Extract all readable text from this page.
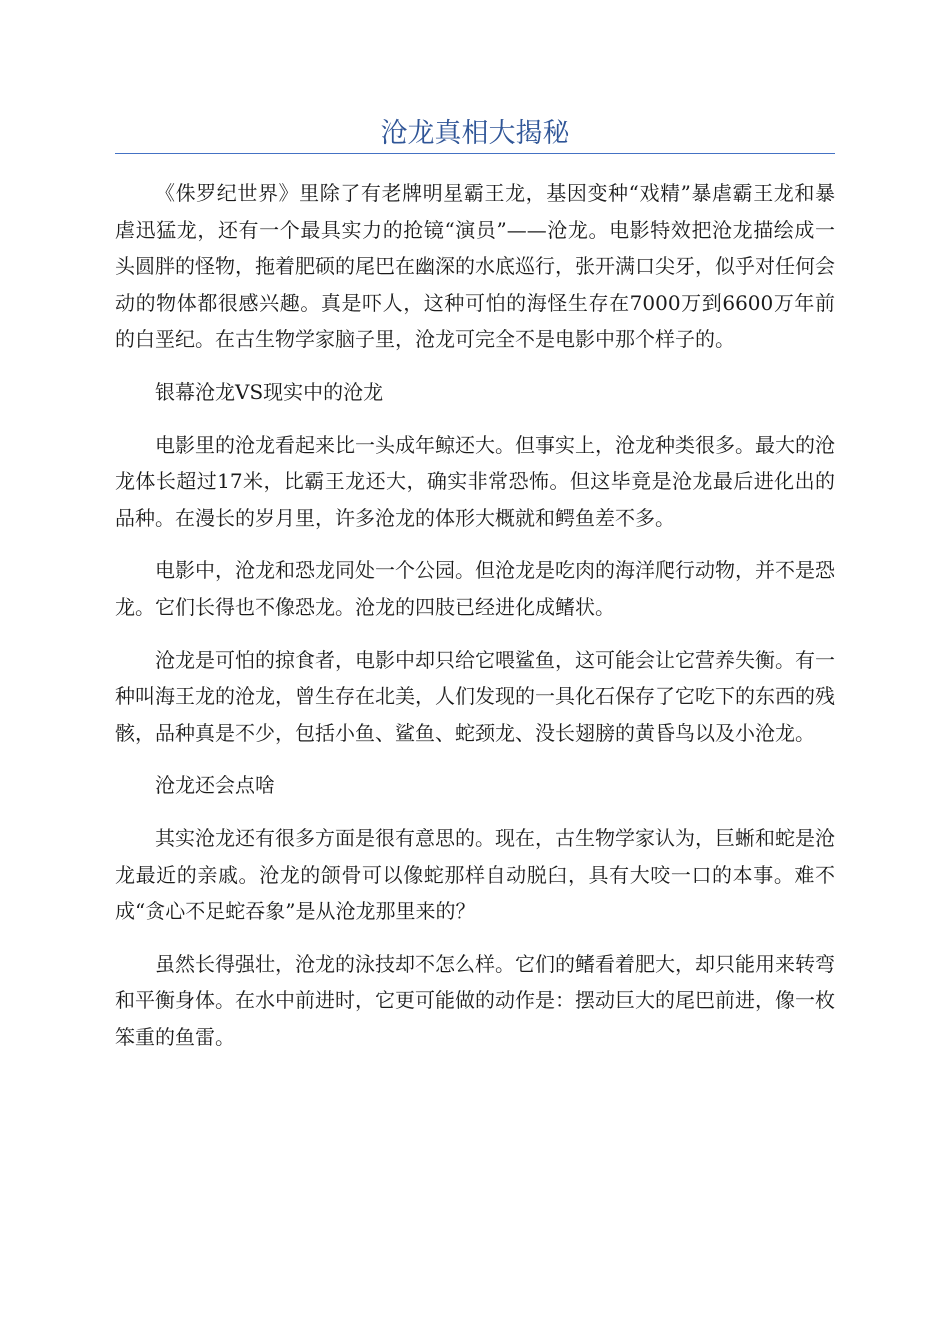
沧龙真相大揭秘

《侏罗纪世界》里除了有老牌明星霸王龙，基因变种“戏精”暴虐霸王龙和暴虐迅猛龙，还有一个最具实力的抢镜“演员”——沧龙。电影特效把沧龙描绘成一头圆胖的怪物，拖着肥硕的尾巴在幽深的水底巡行，张开满口尖牙，似乎对任何会动的物体都很感兴趣。真是吓人，这种可怕的海怪生存在7000万到6600万年前的白垩纪。在古生物学家脑子里，沧龙可完全不是电影中那个样子的。

银幕沧龙VS现实中的沧龙

电影里的沧龙看起来比一头成年鲸还大。但事实上，沧龙种类很多。最大的沧龙体长超过17米，比霸王龙还大，确实非常恐怖。但这毕竟是沧龙最后进化出的品种。在漫长的岁月里，许多沧龙的体形大概就和鳄鱼差不多。

电影中，沧龙和恐龙同处一个公园。但沧龙是吃肉的海洋爬行动物，并不是恐龙。它们长得也不像恐龙。沧龙的四肢已经进化成鳍状。

沧龙是可怕的掠食者，电影中却只给它喂鲨鱼，这可能会让它营养失衡。有一种叫海王龙的沧龙，曾生存在北美，人们发现的一具化石保存了它吃下的东西的残骸，品种真是不少，包括小鱼、鲨鱼、蛇颈龙、没长翅膀的黄昏鸟以及小沧龙。

沧龙还会点啥

其实沧龙还有很多方面是很有意思的。现在，古生物学家认为，巨蜥和蛇是沧龙最近的亲戚。沧龙的颌骨可以像蛇那样自动脱臼，具有大咬一口的本事。难不成“贪心不足蛇吞象”是从沧龙那里来的？

虽然长得强壮，沧龙的泳技却不怎么样。它们的鳍看着肥大，却只能用来转弯和平衡身体。在水中前进时，它更可能做的动作是：摆动巨大的尾巴前进，像一枚笨重的鱼雷。
